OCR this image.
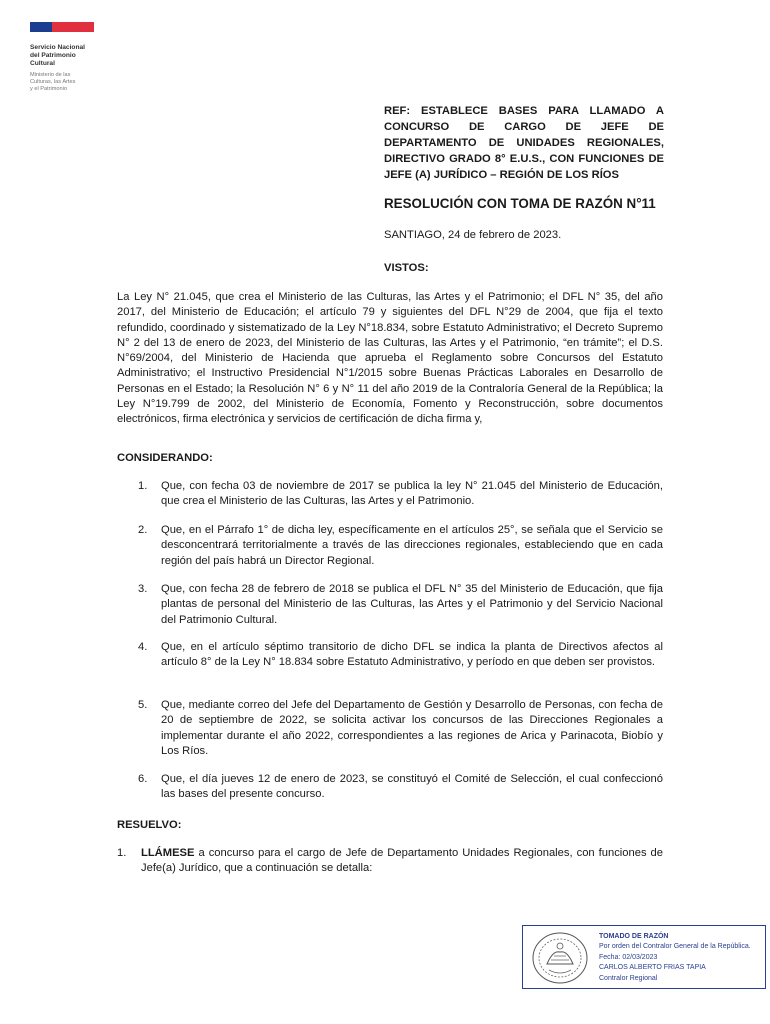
Servicio Nacional
del Patrimonio
Cultural
Ministerio de las
Culturas, las Artes
y el Patrimonio
REF: ESTABLECE BASES PARA LLAMADO A CONCURSO DE CARGO DE JEFE DE DEPARTAMENTO DE UNIDADES REGIONALES, DIRECTIVO GRADO 8° E.U.S., CON FUNCIONES DE JEFE (A) JURÍDICO – REGIÓN DE LOS RÍOS
RESOLUCIÓN CON TOMA DE RAZÓN N°11
SANTIAGO, 24 de febrero de 2023.
VISTOS:
La Ley N° 21.045, que crea el Ministerio de las Culturas, las Artes y el Patrimonio; el DFL N° 35, del año 2017, del Ministerio de Educación; el artículo 79 y siguientes del DFL N°29 de 2004, que fija el texto refundido, coordinado y sistematizado de la Ley N°18.834, sobre Estatuto Administrativo; el Decreto Supremo N° 2 del 13 de enero de 2023, del Ministerio de las Culturas, las Artes y el Patrimonio, “en trámite”; el D.S. N°69/2004, del Ministerio de Hacienda que aprueba el Reglamento sobre Concursos del Estatuto Administrativo; el Instructivo Presidencial N°1/2015 sobre Buenas Prácticas Laborales en Desarrollo de Personas en el Estado; la Resolución N° 6 y N° 11 del año 2019 de la Contraloría General de la República; la Ley N°19.799 de 2002, del Ministerio de Economía, Fomento y Reconstrucción, sobre documentos electrónicos, firma electrónica y servicios de certificación de dicha firma y,
CONSIDERANDO:
1. Que, con fecha 03 de noviembre de 2017 se publica la ley N° 21.045 del Ministerio de Educación, que crea el Ministerio de las Culturas, las Artes y el Patrimonio.
2. Que, en el Párrafo 1° de dicha ley, específicamente en el artículos 25°, se señala que el Servicio se desconcentrará territorialmente a través de las direcciones regionales, estableciendo que en cada región del país habrá un Director Regional.
3. Que, con fecha 28 de febrero de 2018 se publica el DFL N° 35 del Ministerio de Educación, que fija plantas de personal del Ministerio de las Culturas, las Artes y el Patrimonio y del Servicio Nacional del Patrimonio Cultural.
4. Que, en el artículo séptimo transitorio de dicho DFL se indica la planta de Directivos afectos al artículo 8° de la Ley N° 18.834 sobre Estatuto Administrativo, y período en que deben ser provistos.
5. Que, mediante correo del Jefe del Departamento de Gestión y Desarrollo de Personas, con fecha de 20 de septiembre de 2022, se solicita activar los concursos de las Direcciones Regionales a implementar durante el año 2022, correspondientes a las regiones de Arica y Parinacota, Biobío y Los Ríos.
6. Que, el día jueves 12 de enero de 2023, se constituyó el Comité de Selección, el cual confeccionó las bases del presente concurso.
RESUELVO:
1. LLÁMESE a concurso para el cargo de Jefe de Departamento Unidades Regionales, con funciones de Jefe(a) Jurídico, que a continuación se detalla:
TOMADO DE RAZÓN
Por orden del Contralor General de la República.
Fecha: 02/03/2023
CARLOS ALBERTO FRIAS TAPIA
Contralor Regional
